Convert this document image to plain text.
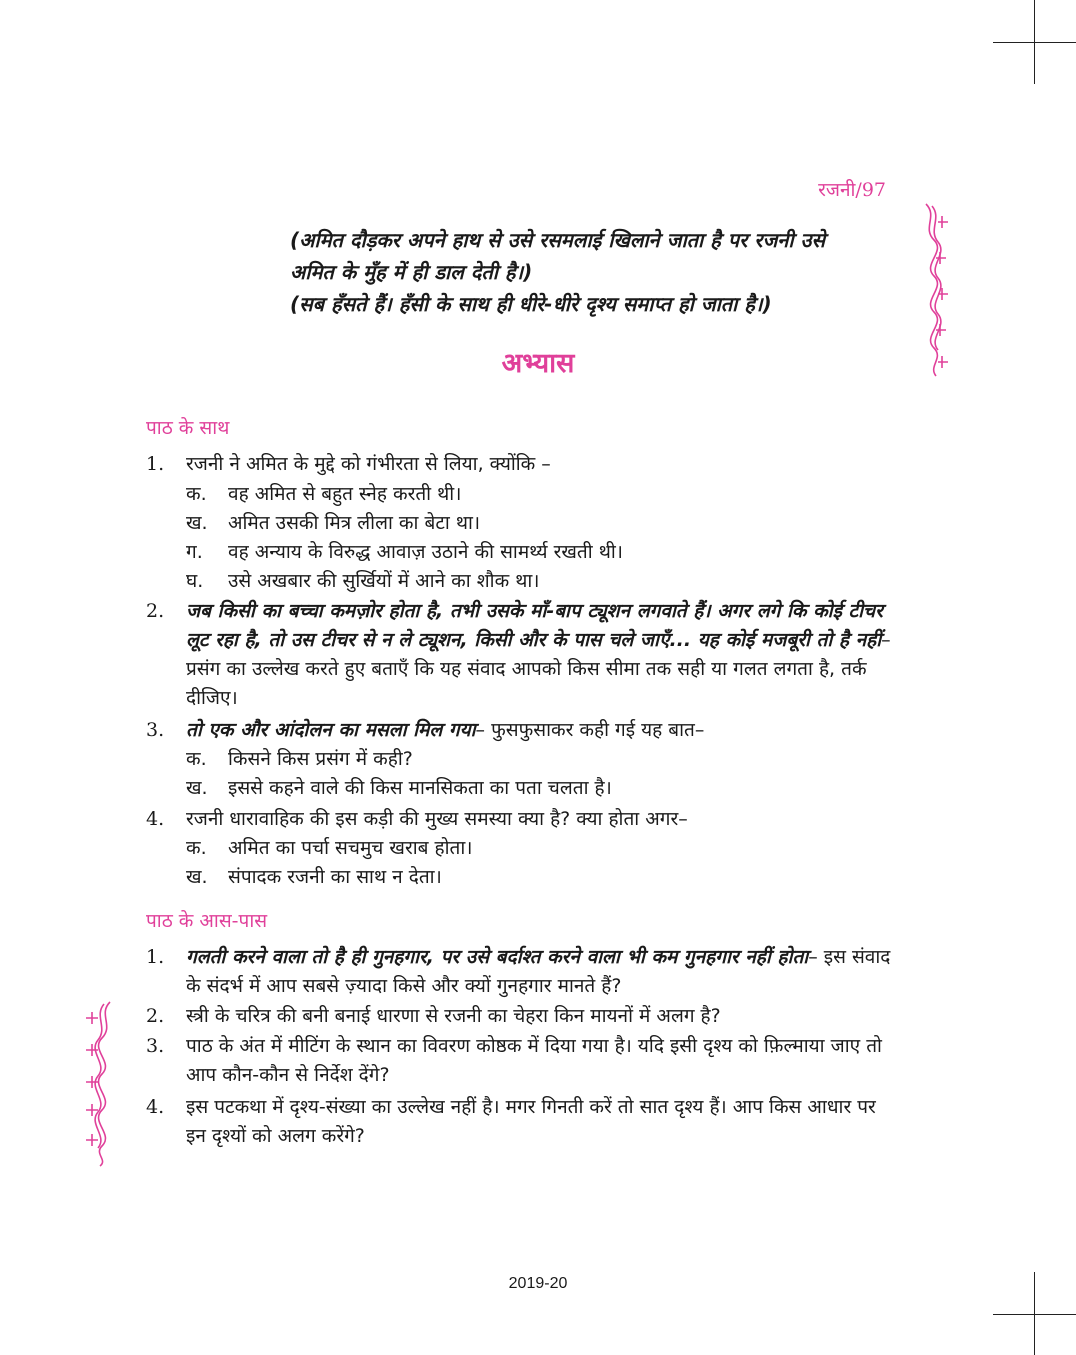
रजनी/97
(अमित दौड़कर अपने हाथ से उसे रसमलाई खिलाने जाता है पर रजनी उसे
अमित के मुँह में ही डाल देती है।)
(सब हँसते हैं। हँसी के साथ ही धीरे-धीरे दृश्य समाप्त हो जाता है।)
अभ्यास
पाठ के साथ
1.	रजनी ने अमित के मुद्दे को गंभीरता से लिया, क्योंकि –
क. वह अमित से बहुत स्नेह करती थी।
ख. अमित उसकी मित्र लीला का बेटा था।
ग. वह अन्याय के विरुद्ध आवाज़ उठाने की सामर्थ्य रखती थी।
घ. उसे अखबार की सुर्खियों में आने का शौक था।
2.	जब किसी का बच्चा कमज़ोर होता है, तभी उसके माँ-बाप ट्यूशन लगवाते हैं। अगर लगे कि कोई टीचर लूट रहा है, तो उस टीचर से न ले ट्यूशन, किसी और के पास चले जाएँ... यह कोई मजबूरी तो है नहीं– प्रसंग का उल्लेख करते हुए बताएँ कि यह संवाद आपको किस सीमा तक सही या गलत लगता है, तर्क दीजिए।
3.	तो एक और आंदोलन का मसला मिल गया– फुसफुसाकर कही गई यह बात–
क. किसने किस प्रसंग में कही?
ख. इससे कहने वाले की किस मानसिकता का पता चलता है।
4.	रजनी धारावाहिक की इस कड़ी की मुख्य समस्या क्या है? क्या होता अगर–
क. अमित का पर्चा सचमुच खराब होता।
ख. संपादक रजनी का साथ न देता।
पाठ के आस-पास
1.	गलती करने वाला तो है ही गुनहगार, पर उसे बर्दाश्त करने वाला भी कम गुनहगार नहीं होता– इस संवाद के संदर्भ में आप सबसे ज़्यादा किसे और क्यों गुनहगार मानते हैं?
2.	स्त्री के चरित्र की बनी बनाई धारणा से रजनी का चेहरा किन मायनों में अलग है?
3.	पाठ के अंत में मीटिंग के स्थान का विवरण कोष्ठक में दिया गया है। यदि इसी दृश्य को फ़िल्माया जाए तो आप कौन-कौन से निर्देश देंगे?
4.	इस पटकथा में दृश्य-संख्या का उल्लेख नहीं है। मगर गिनती करें तो सात दृश्य हैं। आप किस आधार पर इन दृश्यों को अलग करेंगे?
2019-20
